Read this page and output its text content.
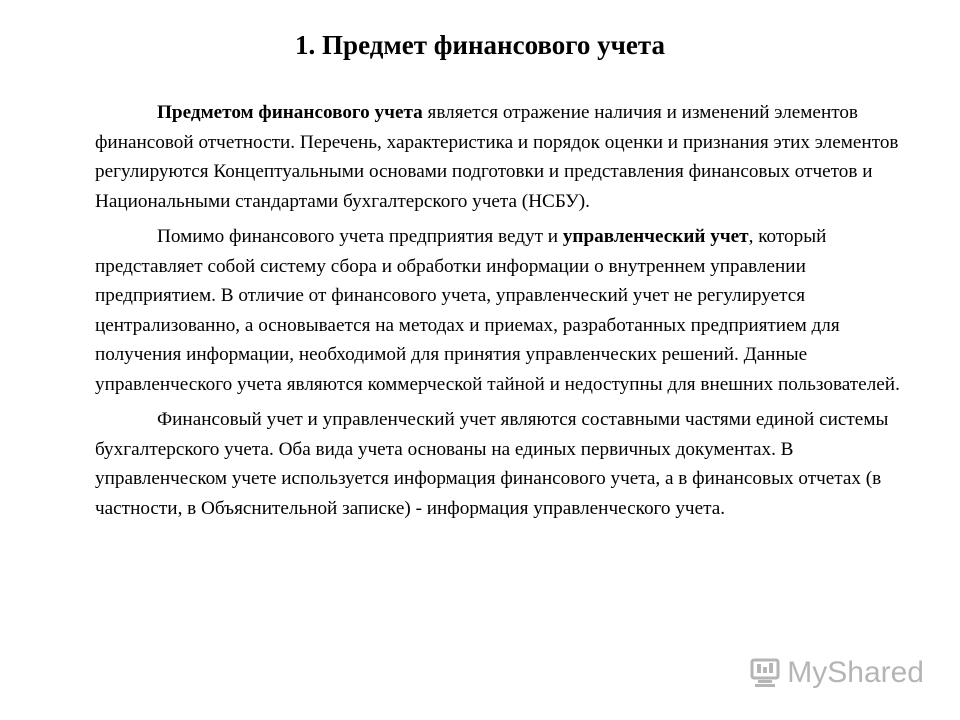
1. Предмет финансового учета

Предметом финансового учета является отражение наличия и изменений элементов финансовой отчетности. Перечень, характеристика и порядок оценки и признания этих элементов регулируются Концептуальными основами подготовки и представления финансовых отчетов и Национальными стандартами бухгалтерского учета (НСБУ).

Помимо финансового учета предприятия ведут и управленческий учет, который представляет собой систему сбора и обработки информации о внутреннем управлении предприятием. В отличие от финансового учета, управленческий учет не регулируется централизованно, а основывается на методах и приемах, разработанных предприятием для получения информации, необходимой для принятия управленческих решений. Данные управленческого учета являются коммерческой тайной и недоступны для внешних пользователей.

Финансовый учет и управленческий учет являются составными частями единой системы бухгалтерского учета. Оба вида учета основаны на единых первичных документах. В управленческом учете используется информация финансового учета, а в финансовых отчетах (в частности, в Объяснительной записке) - информация управленческого учета.

MyShared
